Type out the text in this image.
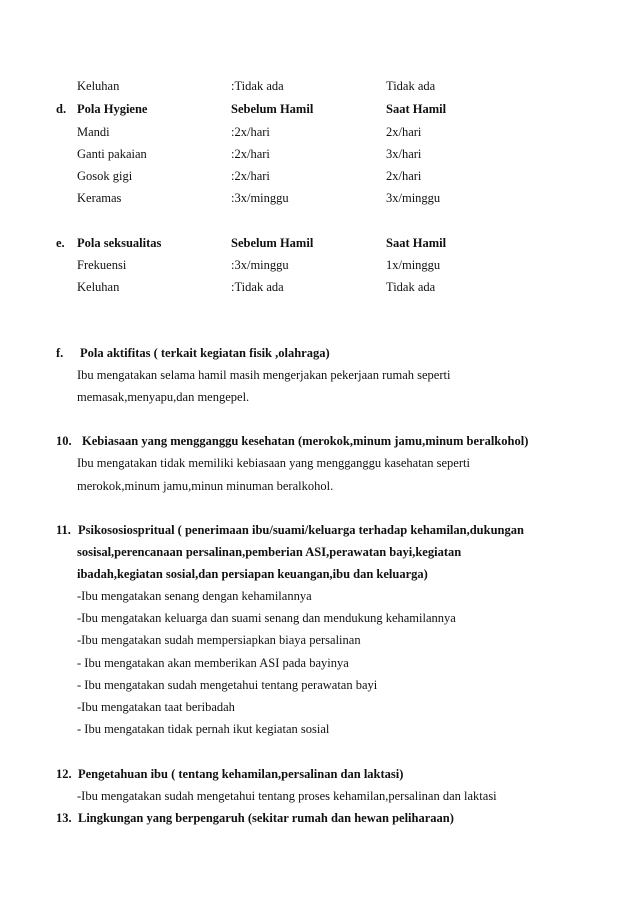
Keluhan	:Tidak ada	Tidak ada
d. Pola Hygiene	Sebelum Hamil	Saat Hamil
Mandi	:2x/hari	2x/hari
Ganti pakaian	:2x/hari	3x/hari
Gosok gigi	:2x/hari	2x/hari
Keramas	:3x/minggu	3x/minggu
e. Pola seksualitas	Sebelum Hamil	Saat Hamil
Frekuensi	:3x/minggu	1x/minggu
Keluhan	:Tidak ada	Tidak ada
f. Pola aktifitas ( terkait kegiatan fisik ,olahraga)
Ibu mengatakan selama hamil masih mengerjakan pekerjaan rumah seperti
memasak,menyapu,dan mengepel.
10. Kebiasaan yang mengganggu kesehatan (merokok,minum jamu,minum beralkohol)
Ibu mengatakan tidak memiliki kebiasaan yang mengganggu kasehatan seperti
merokok,minum jamu,minun minuman beralkohol.
11. Psikososiospritual ( penerimaan ibu/suami/keluarga terhadap kehamilan,dukungan
sosisal,perencanaan persalinan,pemberian ASI,perawatan bayi,kegiatan
ibadah,kegiatan sosial,dan persiapan keuangan,ibu dan keluarga)
-Ibu mengatakan senang dengan kehamilannya
-Ibu mengatakan keluarga dan suami senang dan mendukung kehamilannya
-Ibu mengatakan sudah mempersiapkan biaya persalinan
- Ibu mengatakan akan memberikan ASI pada bayinya
- Ibu mengatakan sudah mengetahui tentang perawatan bayi
-Ibu mengatakan taat beribadah
- Ibu mengatakan tidak pernah ikut kegiatan sosial
12. Pengetahuan ibu ( tentang kehamilan,persalinan dan laktasi)
-Ibu mengatakan sudah mengetahui tentang proses kehamilan,persalinan dan laktasi
13. Lingkungan yang berpengaruh (sekitar rumah dan hewan peliharaan)
